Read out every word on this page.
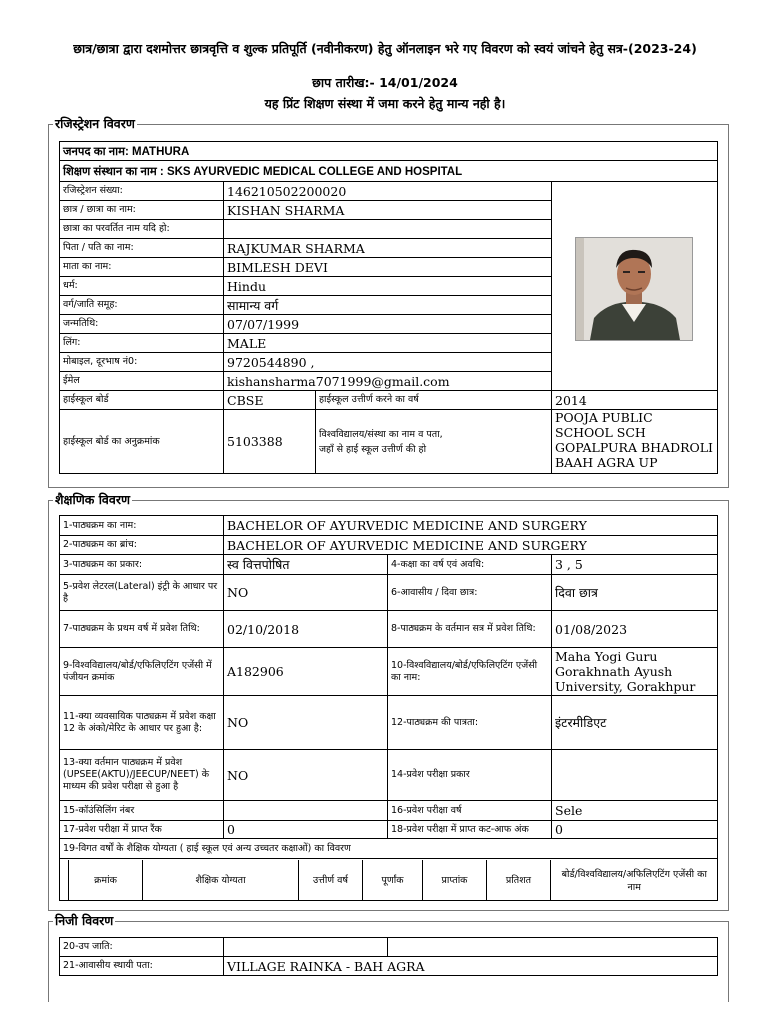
छात्र/छात्रा द्वारा दशमोत्तर छात्रवृत्ति व शुल्क प्रतिपूर्ति (नवीनीकरण) हेतु ऑनलाइन भरे गए विवरण को स्वयं जांचने हेतु सत्र-(2023-24)
छाप तारीख:- 14/01/2024
यह प्रिंट शिक्षण संस्था में जमा करने हेतु मान्य नही है।
रजिस्ट्रेशन विवरण
जनपद का नाम: MATHURA			
शिक्षण संस्थान का नाम : SKS AYURVEDIC MEDICAL COLLEGE AND HOSPITAL			
रजिस्ट्रेशन संख्या:	146210502200020		
छात्र / छात्रा का नाम:	KISHAN SHARMA		
छात्रा का परवर्तित नाम यदि हो:			
पिता / पति का नाम:	RAJKUMAR SHARMA		
माता का नाम:	BIMLESH DEVI		
धर्म:	Hindu		
वर्ग/जाति समूह:	सामान्य वर्ग		
जन्मतिथि:	07/07/1999		
लिंग:	MALE		
मोबाइल, दूरभाष नं0:	9720544890 ,		
ईमेल	kishansharma7071999@gmail.com		
हाईस्कूल बोर्ड	CBSE	हाईस्कूल उत्तीर्ण करने का वर्ष	2014
हाईस्कूल बोर्ड का अनुक्रमांक	5103388	विश्वविद्यालय/संस्था का नाम व पता,
जहाँ से हाई स्कूल उत्तीर्ण की हो	POOJA PUBLIC SCHOOL SCH GOPALPURA BHADROLI BAAH AGRA UP
शैक्षणिक विवरण
1-पाठ्यक्रम का नाम:	BACHELOR OF AYURVEDIC MEDICINE AND SURGERY
2-पाठ्यक्रम का ब्रांच:	BACHELOR OF AYURVEDIC MEDICINE AND SURGERY
3-पाठ्यक्रम का प्रकार:	स्व वित्तपोषित	4-कक्षा का वर्ष एवं अवधि:	3 , 5
5-प्रवेश लेटरल(Lateral) इंट्री के आधार पर है	NO	6-आवासीय / दिवा छात्र:	दिवा छात्र
7-पाठ्यक्रम के प्रथम वर्ष में प्रवेश तिथि:	02/10/2018	8-पाठ्यक्रम के वर्तमान सत्र में प्रवेश तिथि:	01/08/2023
9-विश्वविद्यालय/बोर्ड/एफिलिएटिंग एजेंसी में पंजीयन क्रमांक	A182906	10-विश्वविद्यालय/बोर्ड/एफिलिएटिंग एजेंसी का नाम:	Maha Yogi Guru Gorakhnath Ayush University, Gorakhpur
11-क्या व्यवसायिक पाठ्यक्रम में प्रवेश कक्षा 12 के अंको/मेरिट के आधार पर हुआ है:	NO	12-पाठ्यक्रम की पात्रता:	इंटरमीडिएट
13-क्या वर्तमान पाठ्यक्रम में प्रवेश (UPSEE(AKTU)/JEECUP/NEET) के माध्यम की प्रवेश परीक्षा से हुआ है	NO	14-प्रवेश परीक्षा प्रकार	
15-कॉउंसिलिंग नंबर		16-प्रवेश परीक्षा वर्ष	Sele
17-प्रवेश परीक्षा में प्राप्त रैंक	0	18-प्रवेश परीक्षा में प्राप्त कट-आफ अंक	0
19-विगत वर्षों के शैक्षिक योग्यता ( हाई स्कूल एवं अन्य उच्चतर कक्षाओं) का विवरण

क्रमांक	शैक्षिक योग्यता	उत्तीर्ण वर्ष	पूर्णांक	प्राप्तांक	प्रतिशत	बोर्ड/विश्वविद्यालय/अफिलिएटिंग एजेंसी का नाम
निजी विवरण
20-उप जाति:		
21-आवासीय स्थायी पता:	VILLAGE RAINKA - BAH AGRA	
